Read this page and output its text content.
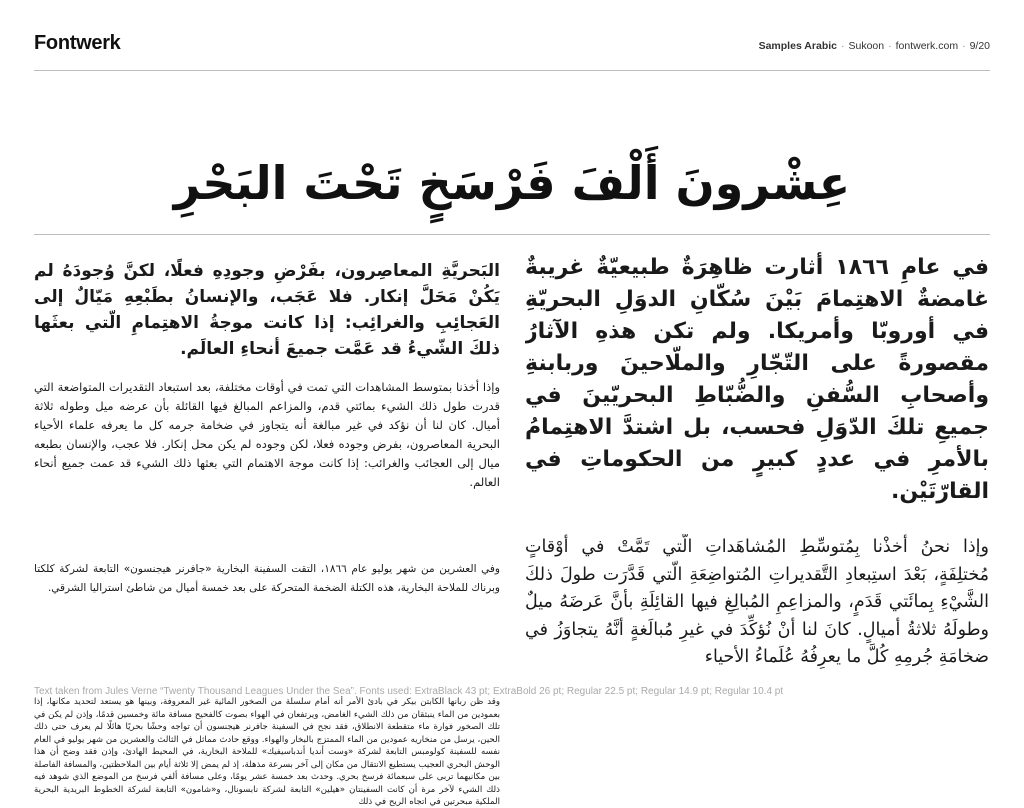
Fontwerk	Samples Arabic · Sukoon · fontwerk.com · 9/20
عِشْرونَ أَلْفَ فَرْسَخٍ تَحْتَ البَحْرِ

في عامِ ١٨٦٦ أثارت ظاهِرَةٌ طبيعيّةٌ غريبةٌ غامضةٌ الاهتِمامَ بَيْنَ سُكّانِ الدوَلِ البحريّةِ في أوروبّا وأمريكا. ولم تكن هذهِ الآثارُ مقصورةً على التّجّارِ والملّاحينَ وربابنةِ وأصحابِ السُّفنِ والضُّبّاطِ البحريّينَ في جميعِ تلكَ الدّوَلِ فحسب، بل اشتدَّ الاهتِمامُ بالأمرِ في عددٍ كبيرٍ من الحكوماتِ في القارّتَيْن.

وإذا نحنُ أخذْنا بِمُتوسِّطِ المُشاهَداتِ الّتي تَمَّتْ في أوْقاتٍ مُختلِفَةٍ، بَعْدَ استِبعادِ التَّقديراتِ المُتواضِعَةِ الّتي قَدَّرَت طولَ ذلكَ الشَّيْءِ بِمائَتي قَدَمٍ، والمزاعِمِ المُبالِغِ فيها القائِلَةِ بأنَّ عَرضَهُ ميلٌ وطولَهُ ثلاثةُ أميالٍ. كانَ لنا أنْ نُؤكِّدَ في غيرِ مُبالَغةٍ أنَّهُ يتجاوَزُ في ضخامَةِ جُرمِهِ كُلَّ ما يعرِفُهُ عُلَماءُ الأحياء

البَحريَّةِ المعاصِرون، بفَرْضِ وجودِهِ فعلًا، لكنَّ وُجودَهُ لم يَكُنْ مَحَلَّ إنكار. فلا عَجَب، والإنسانُ بطَبْعِهِ مَيّالٌ إلى العَجائِبِ والغرائِب: إذا كانت موجةُ الاهتِمامِ الّتي بعثَها ذلكَ الشّيءُ قد عَمَّت جميعَ أنحاءِ العالَم.

وإذا أخذنا بمتوسط المشاهدات التي تمت في أوقات مختلفة، بعد استبعاد التقديرات المتواضعة التي قدرت طول ذلك الشيء بمائتي قدم، والمزاعم المبالغ فيها القائلة بأن عرضه ميل وطوله ثلاثة أميال. كان لنا أن نؤكد في غير مبالغة أنه يتجاوز في ضخامة جرمه كل ما يعرفه علماء الأحياء البحرية المعاصرون، بفرض وجوده فعلا، لكن وجوده لم يكن محل إنكار. فلا عجب، والإنسان بطبعه ميال إلى العجائب والغرائب: إذا كانت موجة الاهتمام التي بعثها ذلك الشيء قد عمت جميع أنحاء العالم.

وفي العشرين من شهر يوليو عام ١٨٦٦، التقت السفينة البخارية «جافرنر هيجنسون» التابعة لشركة كلكتا وبرناك للملاحة البخارية، هذه الكتلة الضخمة المتحركة على بعد خمسة أميال من شاطئ استراليا الشرقي.

وقد ظن ربانها الكابتن بيكر في بادئ الأمر أنه أمام سلسلة من الصخور المائية غير المعروفة، وبينها هو يستعد لتحديد مكانها، إذا بعمودين من الماء ينبثقان من ذلك الشيء الغامض، ويرتفعان في الهواء بصوت كالفحيح مسافة مائة وخمسين قدمًا، وإذن لم يكن في تلك الصخور فوارة ماء متقطعة الانطلاق، فقد نجح في السفينة جافرنر هيجنسون أن تواجه وحشًا بحريًا هائلًا لم يعرف حتى ذلك الحين، يرسل من منخاريه عمودين من الماء الممتزج بالبخار والهواء. ووقع حادث مماثل في الثالث والعشرين من شهر يوليو في العام نفسه للسفينة كولومبس التابعة لشركة «وست أنديا أندباسيفيك» للملاحة البخارية، في المحيط الهادئ، وإذن فقد وضح أن هذا الوحش البحري العجيب يستطيع الانتقال من مكان إلى آخر بسرعة مذهلة، إذ لم يمض إلا ثلاثة أيام بين الملاحظتين، والمسافة الفاصلة بين مكانيهما تربى على سبعمائة فرسخ بحري. وحدث بعد خمسة عشر يومًا، وعلى مسافة ألفي فرسخ من الموضع الذي شوهد فيه ذلك الشيء لآخر مرة أن كانت السفينتان «هيلين» التابعة لشركة نابسونال، و«شامون» التابعة لشركة الخطوط البريدية البحرية الملكية مبحرتين في اتجاه الريح في ذلك

Text taken from Jules Verne “Twenty Thousand Leagues Under the Sea”. Fonts used: ExtraBlack 43 pt; ExtraBold 26 pt; Regular 22.5 pt; Regular 14.9 pt; Regular 10.4 pt
